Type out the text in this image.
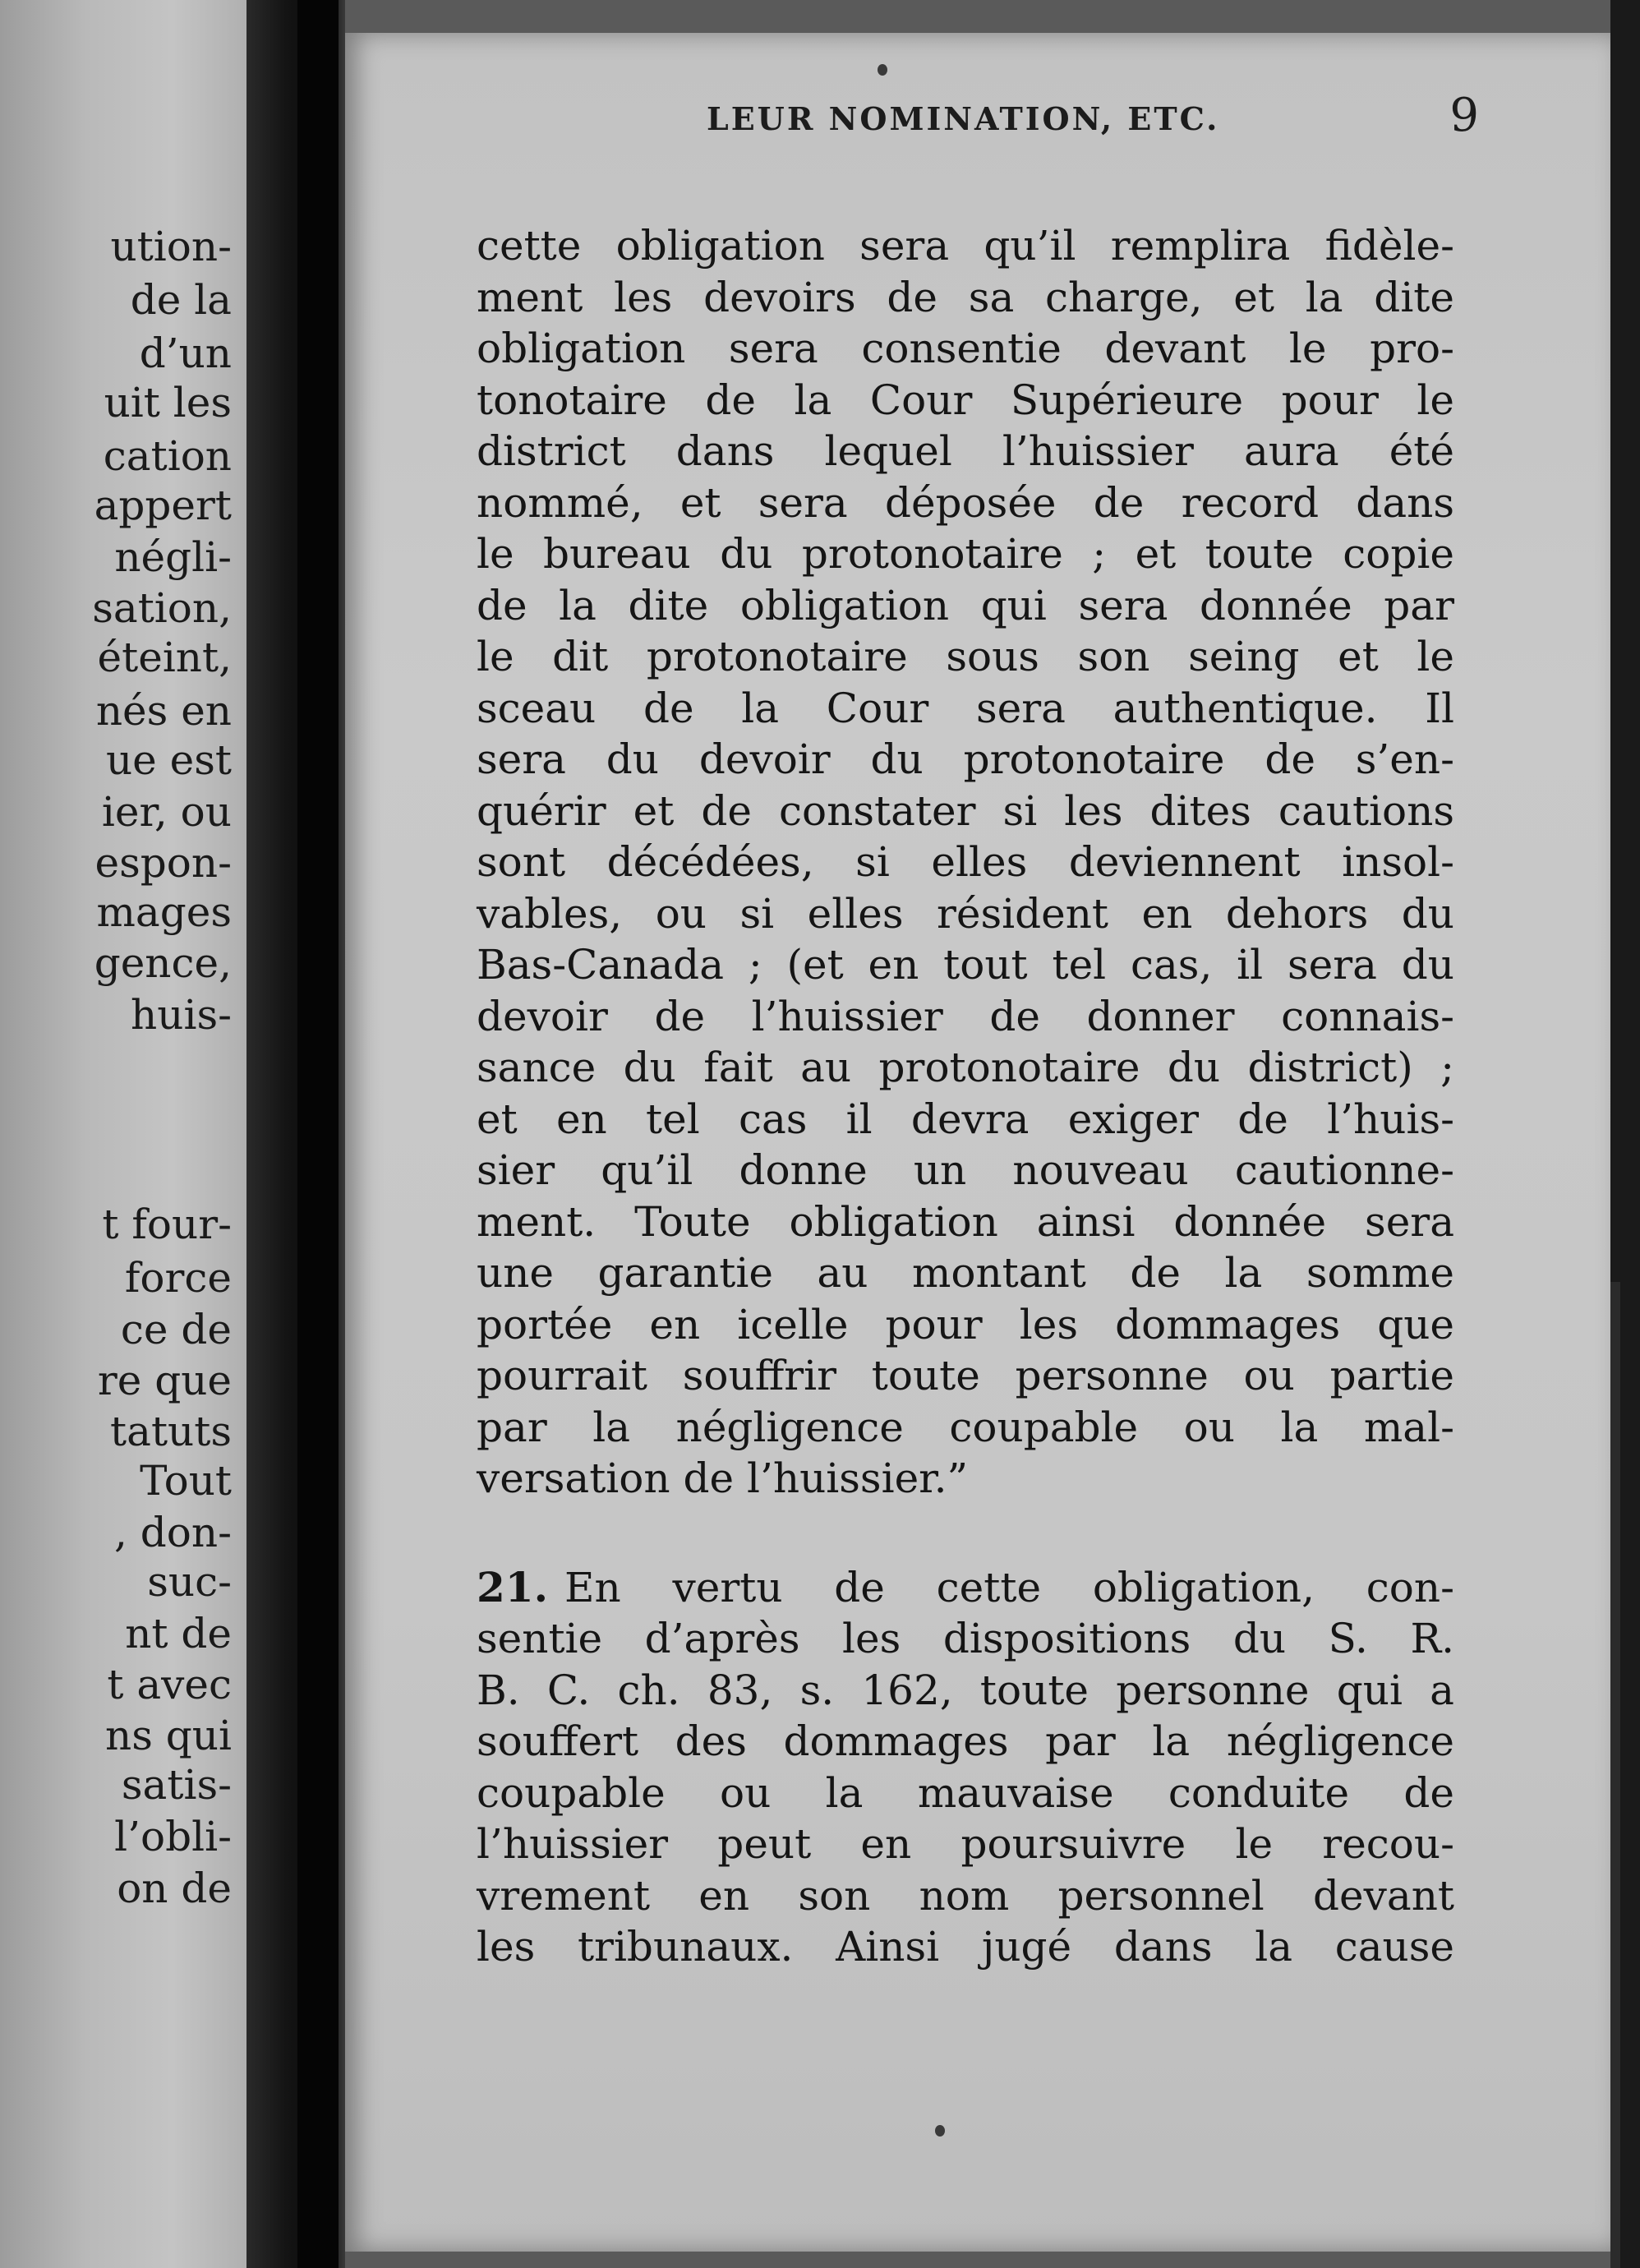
ution-
de la
d’un
uit les
cation
appert
négli-
sation,
éteint,
nés en
ue est
ier, ou
espon-
mages
gence,
huis-
t four-
force
ce de
re que
tatuts
Tout
, don-
suc-
nt de
t avec
ns qui
satis-
l’obli-
on de
LEUR NOMINATION, ETC.	9
cette obligation sera qu’il remplira fidèle-
ment les devoirs de sa charge, et la dite
obligation sera consentie devant le pro-
tonotaire de la Cour Supérieure pour le
district dans lequel l’huissier aura été
nommé, et sera déposée de record dans
le bureau du protonotaire ; et toute copie
de la dite obligation qui sera donnée par
le dit protonotaire sous son seing et le
sceau de la Cour sera authentique. Il
sera du devoir du protonotaire de s’en-
quérir et de constater si les dites cautions
sont décédées, si elles deviennent insol-
vables, ou si elles résident en dehors du
Bas-Canada ; (et en tout tel cas, il sera du
devoir de l’huissier de donner connais-
sance du fait au protonotaire du district) ;
et en tel cas il devra exiger de l’huis-
sier qu’il donne un nouveau cautionne-
ment. Toute obligation ainsi donnée sera
une garantie au montant de la somme
portée en icelle pour les dommages que
pourrait souffrir toute personne ou partie
par la négligence coupable ou la mal-
versation de l’huissier.”
21. En vertu de cette obligation, con-
sentie d’après les dispositions du S. R.
B. C. ch. 83, s. 162, toute personne qui a
souffert des dommages par la négligence
coupable ou la mauvaise conduite de
l’huissier peut en poursuivre le recou-
vrement en son nom personnel devant
les tribunaux. Ainsi jugé dans la cause
